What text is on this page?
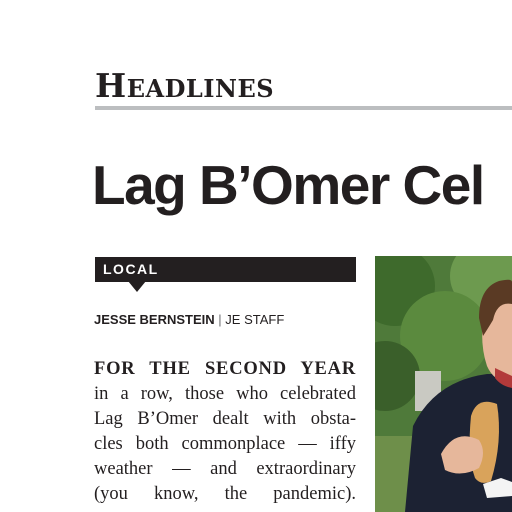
HEADLINES
Lag B’Omer Cel
LOCAL
JESSE BERNSTEIN | JE STAFF
FOR THE SECOND YEAR
in a row, those who celebrated
Lag B’Omer dealt with obsta-
cles both commonplace — iffy
weather — and extraordinary
(you know, the pandemic).
